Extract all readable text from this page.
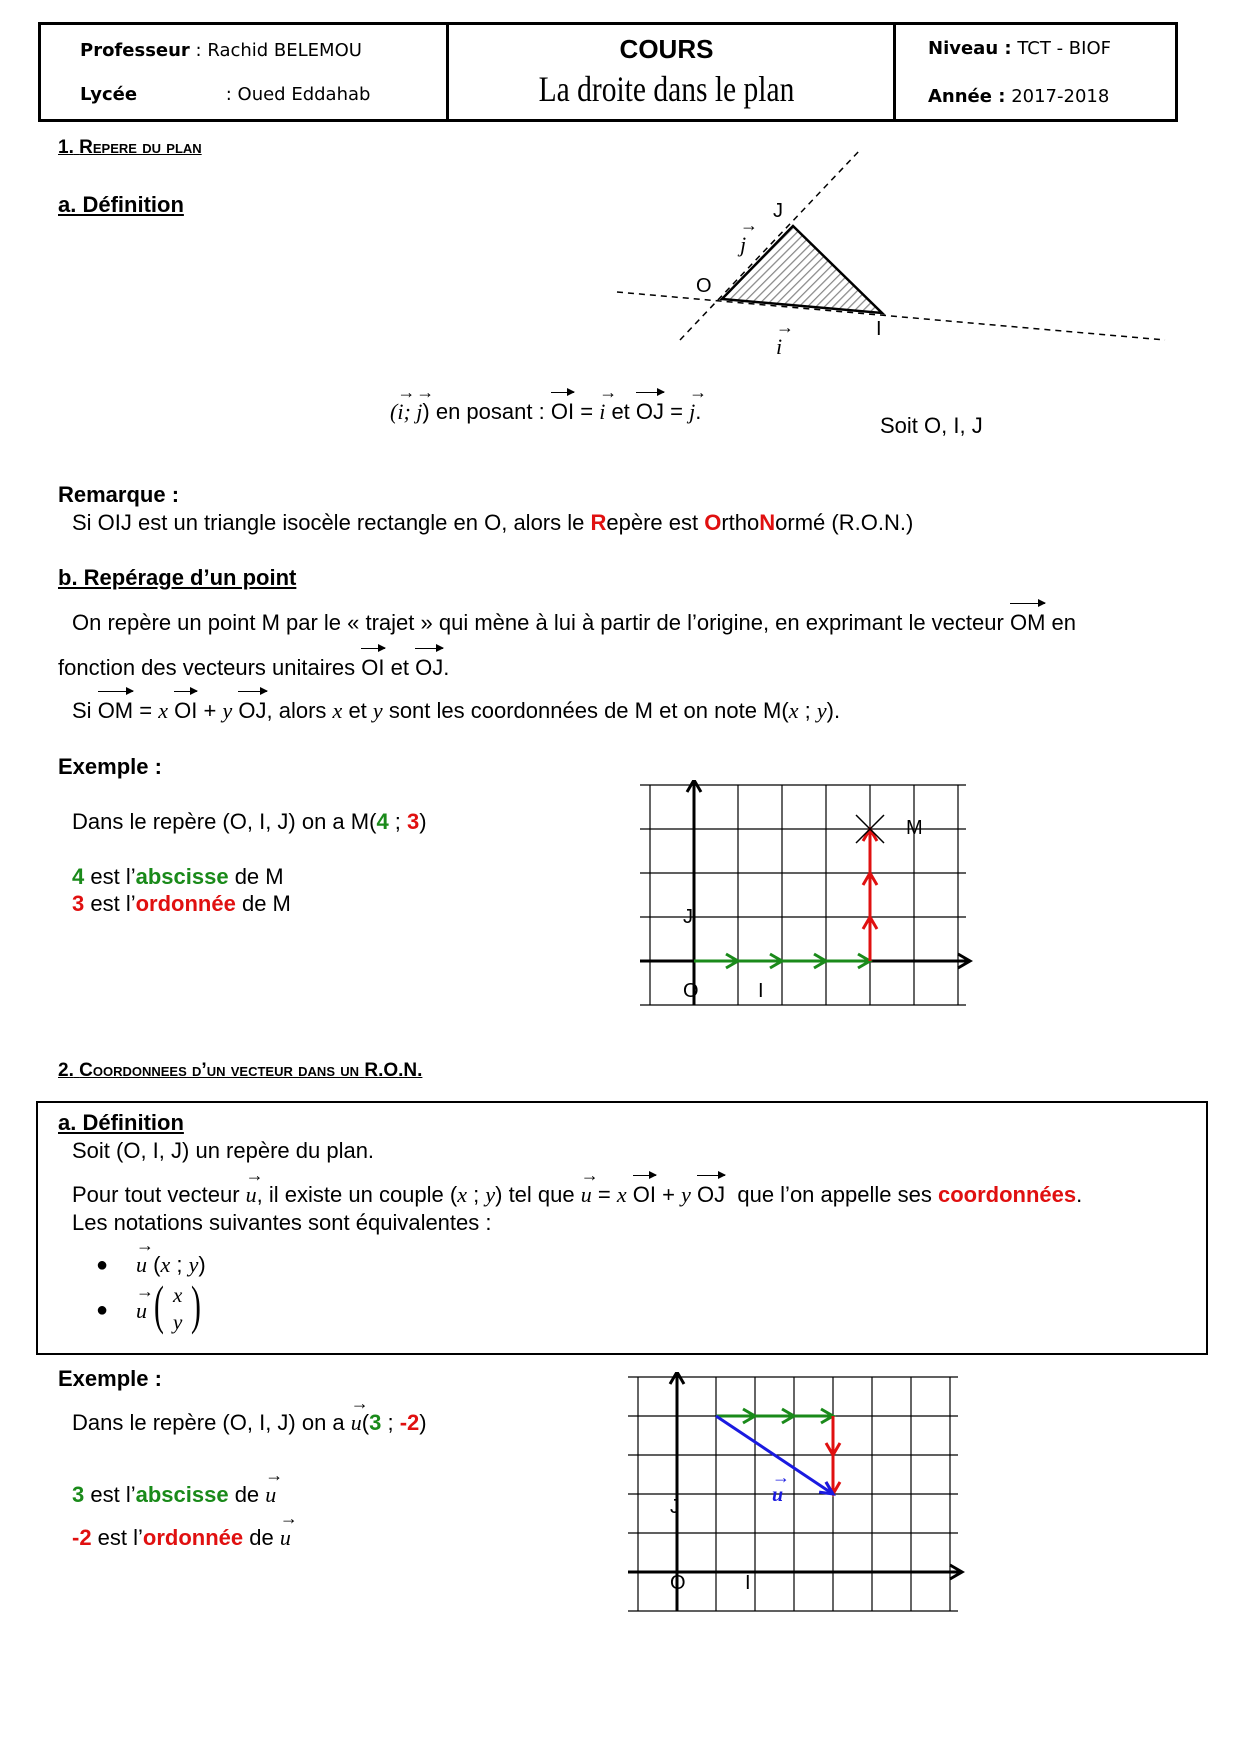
Professeur : Rachid BELEMOU
Lycée	: Oued Eddahab
COURS
La droite dans le plan
Niveau : TCT - BIOF
Année : 2017-2018
1. Repere du plan
a. Définition	J
O
I
→ j
→ i
(→ i; → j) en posant : OI = → i et OJ = → j.
Soit O, I, J
Remarque :
Si OIJ est un triangle isocèle rectangle en O, alors le Repère est OrthoNormé (R.O.N.)
b. Repérage d’un point
On repère un point M par le « trajet » qui mène à lui à partir de l’origine, en exprimant le vecteur OM en
fonction des vecteurs unitaires OI et OJ.
Si OM = x OI + y OJ, alors x et y sont les coordonnées de M et on note M(x ; y).
Exemple :
Dans le repère (O, I, J) on a M(4 ; 3)
4 est l’abscisse de M
3 est l’ordonnée de M
M
J
O	I
2. Coordonnees d’un vecteur dans un R.O.N.
a. Définition
Soit (O, I, J) un repère du plan.
Pour tout vecteur → u, il existe un couple (x ; y) tel que → u = x OI + y OJ que l’on appelle ses coordonnées.
Les notations suivantes sont équivalentes :
● → u (x ; y)
● → u ( x
y )
Exemple :
Dans le repère (O, I, J) on a → u(3 ; -2)
3 est l’abscisse de → u
-2 est l’ordonnée de → u
J
O	I
→ u
